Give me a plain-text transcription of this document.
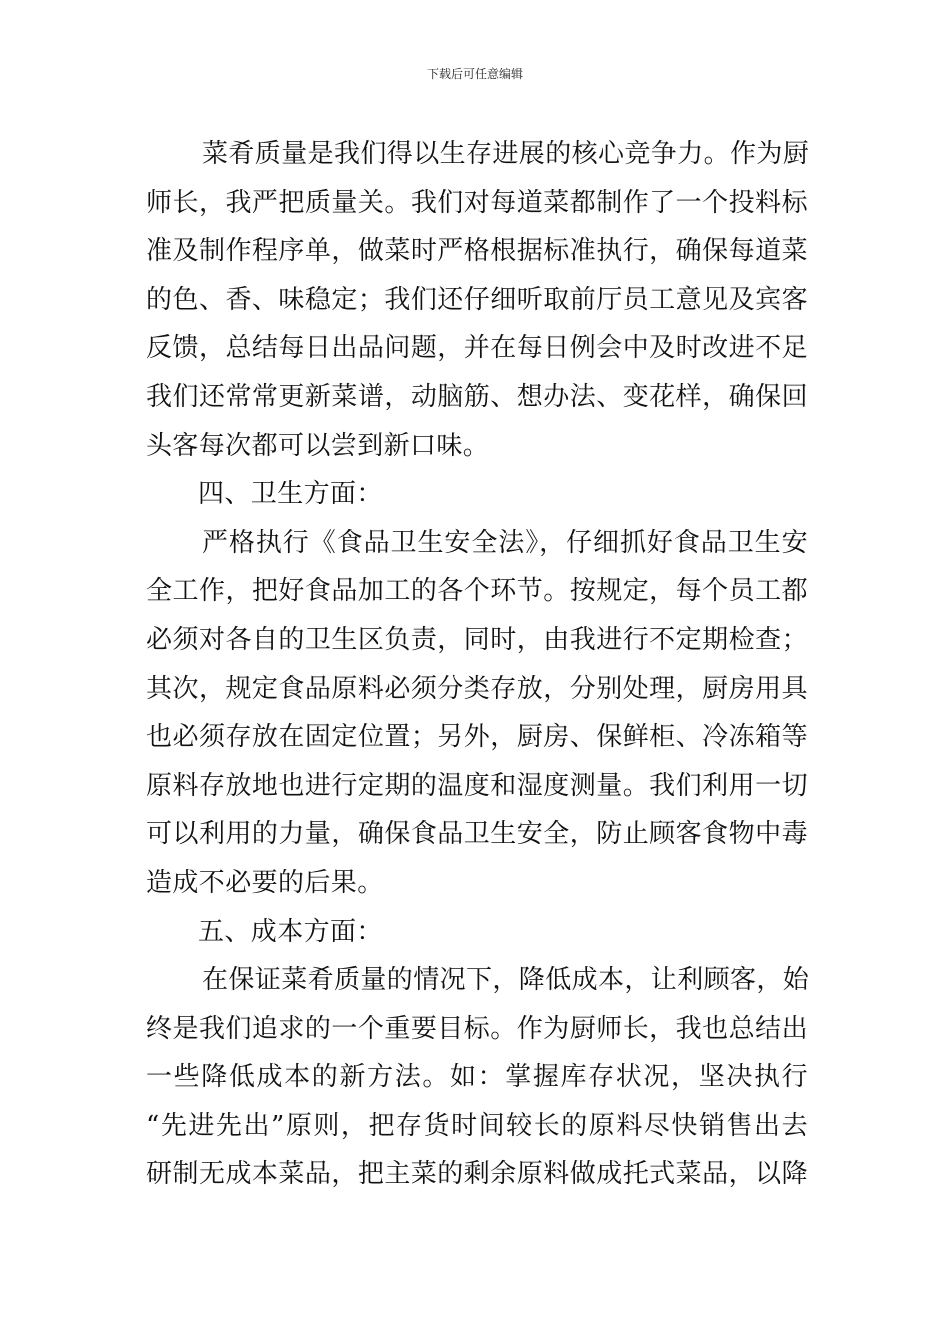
下载后可任意编辑
菜肴质量是我们得以生存进展的核心竞争力。作为厨
师长，我严把质量关。我们对每道菜都制作了一个投料标
准及制作程序单，做菜时严格根据标准执行，确保每道菜
的色、香、味稳定；我们还仔细听取前厅员工意见及宾客
反馈，总结每日出品问题，并在每日例会中及时改进不足
我们还常常更新菜谱，动脑筋、想办法、变花样，确保回
头客每次都可以尝到新口味。
四、卫生方面：
严格执行《食品卫生安全法》，仔细抓好食品卫生安
全工作，把好食品加工的各个环节。按规定，每个员工都
必须对各自的卫生区负责，同时，由我进行不定期检查；
其次，规定食品原料必须分类存放，分别处理，厨房用具
也必须存放在固定位置；另外，厨房、保鲜柜、冷冻箱等
原料存放地也进行定期的温度和湿度测量。我们利用一切
可以利用的力量，确保食品卫生安全，防止顾客食物中毒
造成不必要的后果。
五、成本方面：
在保证菜肴质量的情况下，降低成本，让利顾客，始
终是我们追求的一个重要目标。作为厨师长，我也总结出
一些降低成本的新方法。如：掌握库存状况，坚决执行
“先进先出”原则，把存货时间较长的原料尽快销售出去
研制无成本菜品，把主菜的剩余原料做成托式菜品，以降
